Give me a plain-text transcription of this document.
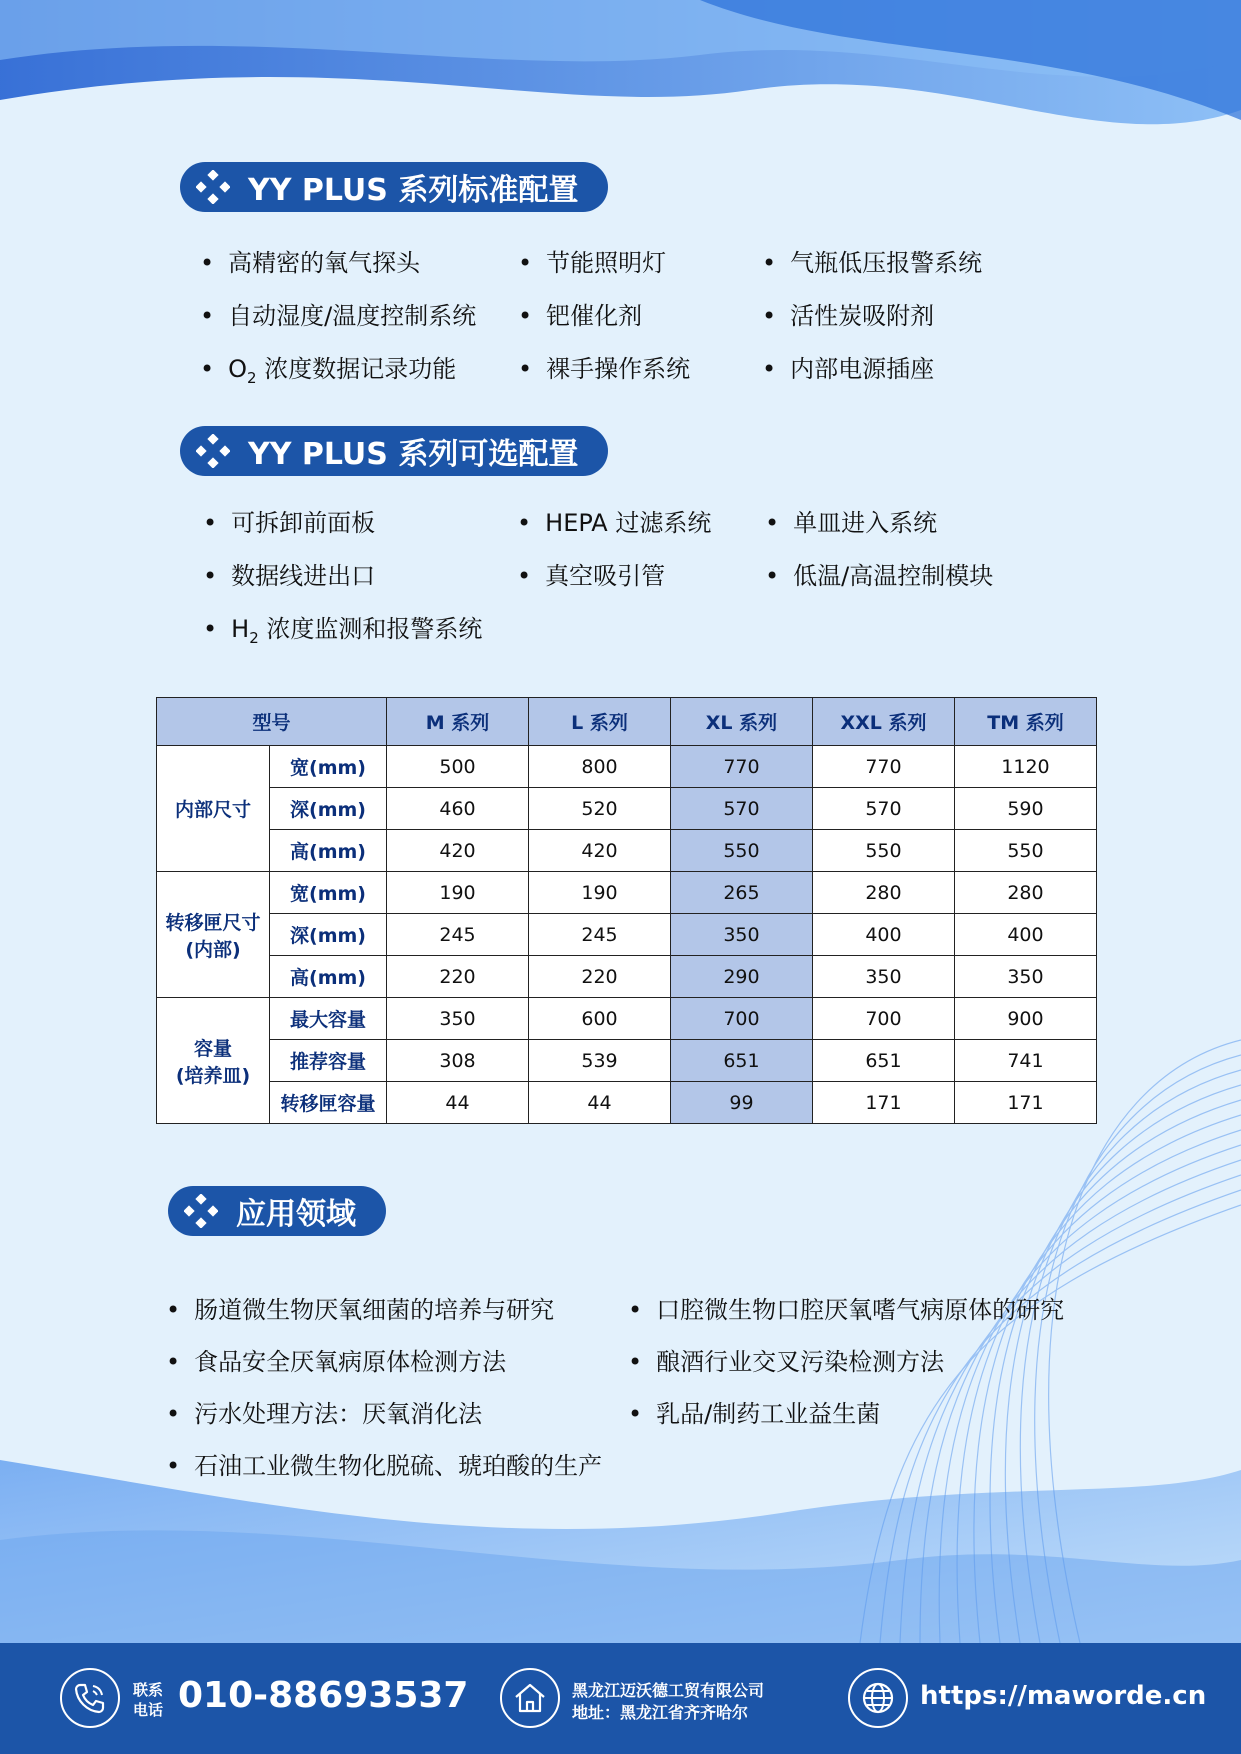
YY PLUS 系列标准配置
• 高精密的氧气探头	• 节能照明灯	• 气瓶低压报警系统
• 自动湿度/温度控制系统	• 钯催化剂	• 活性炭吸附剂
• $O_2$ 浓度数据记录功能	• 裸手操作系统	• 内部电源插座
YY PLUS 系列可选配置
• 可拆卸前面板	• HEPA 过滤系统	• 单皿进入系统
• 数据线进出口	• 真空吸引管	• 低温/高温控制模块
• $H_2$ 浓度监测和报警系统
型号		M 系列	L 系列	XL 系列	XXL 系列	TM 系列
内部尺寸	宽(mm)	500	800	770	770	1120
	深(mm)	460	520	570	570	590
	高(mm)	420	420	550	550	550
转移匣尺寸
(内部)	宽(mm)	190	190	265	280	280
	深(mm)	245	245	350	400	400
	高(mm)	220	220	290	350	350
容量
(培养皿)	最大容量	350	600	700	700	900
	推荐容量	308	539	651	651	741
	转移匣容量	44	44	99	171	171
应用领域
• 肠道微生物厌氧细菌的培养与研究	• 口腔微生物口腔厌氧嗜气病原体的研究
• 食品安全厌氧病原体检测方法	• 酿酒行业交叉污染检测方法
• 污水处理方法：厌氧消化法	• 乳品/制药工业益生菌
• 石油工业微生物化脱硫、琥珀酸的生产
联系
电话 010-88693537	黑龙江迈沃德工贸有限公司
地址：黑龙江省齐齐哈尔
https://maworde.cn
